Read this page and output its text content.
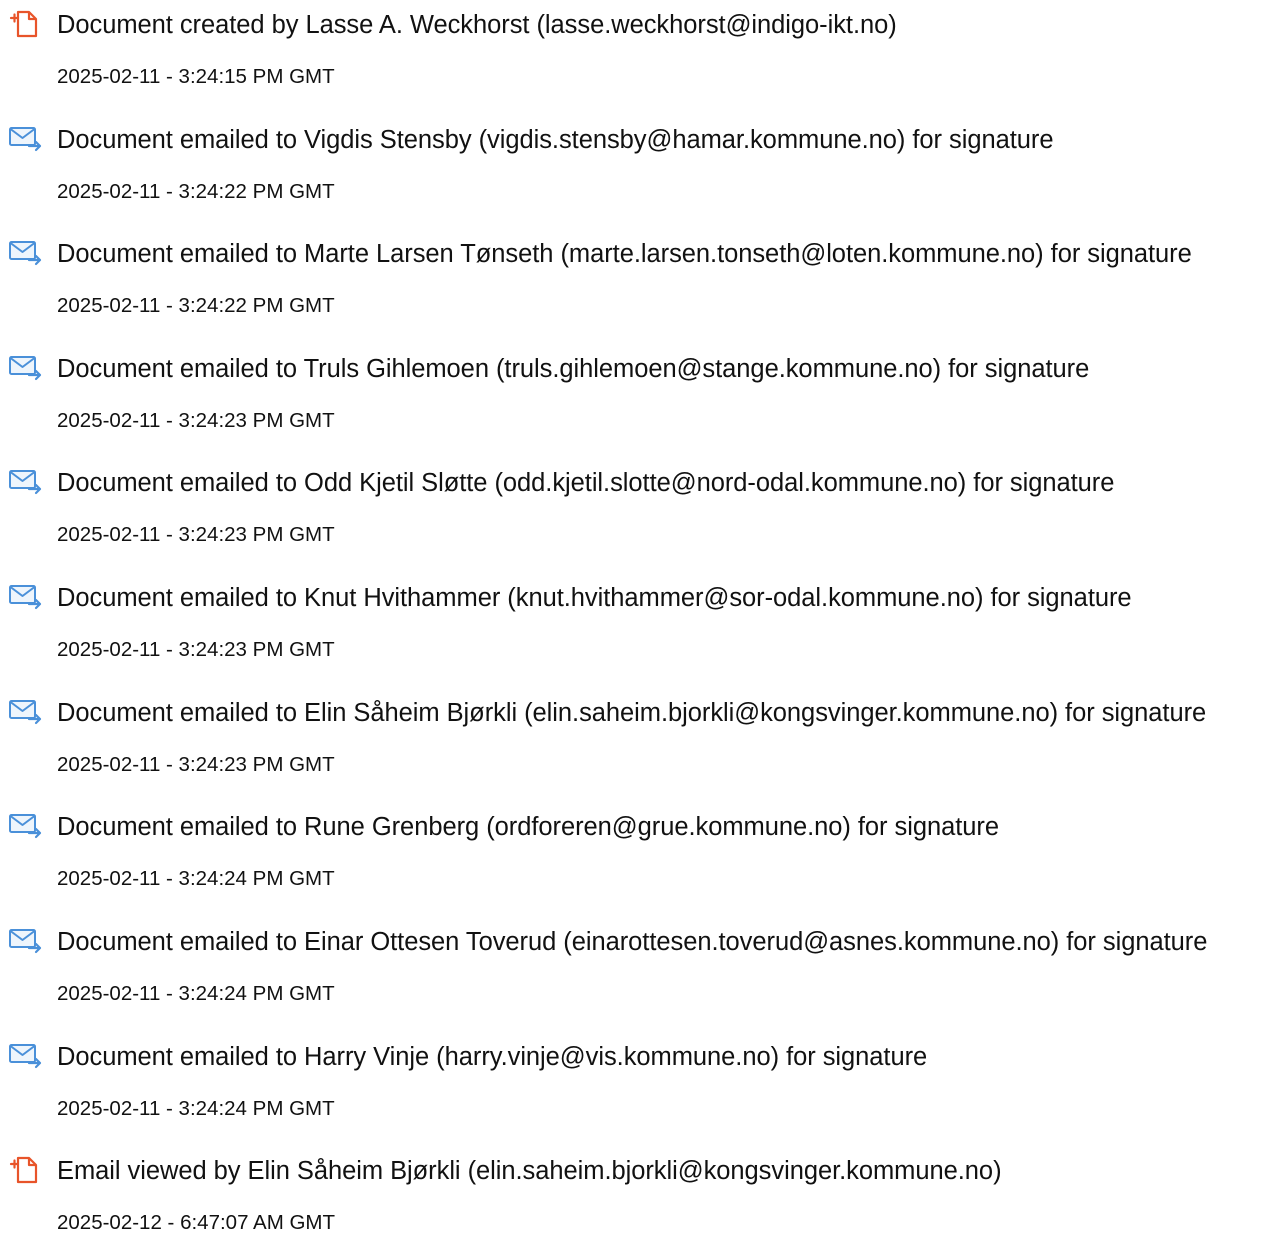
Document created by Lasse A. Weckhorst (lasse.weckhorst@indigo-ikt.no)
2025-02-11 - 3:24:15 PM GMT
Document emailed to Vigdis Stensby (vigdis.stensby@hamar.kommune.no) for signature
2025-02-11 - 3:24:22 PM GMT
Document emailed to Marte Larsen Tønseth (marte.larsen.tonseth@loten.kommune.no) for signature
2025-02-11 - 3:24:22 PM GMT
Document emailed to Truls Gihlemoen (truls.gihlemoen@stange.kommune.no) for signature
2025-02-11 - 3:24:23 PM GMT
Document emailed to Odd Kjetil Sløtte (odd.kjetil.slotte@nord-odal.kommune.no) for signature
2025-02-11 - 3:24:23 PM GMT
Document emailed to Knut Hvithammer (knut.hvithammer@sor-odal.kommune.no) for signature
2025-02-11 - 3:24:23 PM GMT
Document emailed to Elin Såheim Bjørkli (elin.saheim.bjorkli@kongsvinger.kommune.no) for signature
2025-02-11 - 3:24:23 PM GMT
Document emailed to Rune Grenberg (ordforeren@grue.kommune.no) for signature
2025-02-11 - 3:24:24 PM GMT
Document emailed to Einar Ottesen Toverud (einarottesen.toverud@asnes.kommune.no) for signature
2025-02-11 - 3:24:24 PM GMT
Document emailed to Harry Vinje (harry.vinje@vis.kommune.no) for signature
2025-02-11 - 3:24:24 PM GMT
Email viewed by Elin Såheim Bjørkli (elin.saheim.bjorkli@kongsvinger.kommune.no)
2025-02-12 - 6:47:07 AM GMT
